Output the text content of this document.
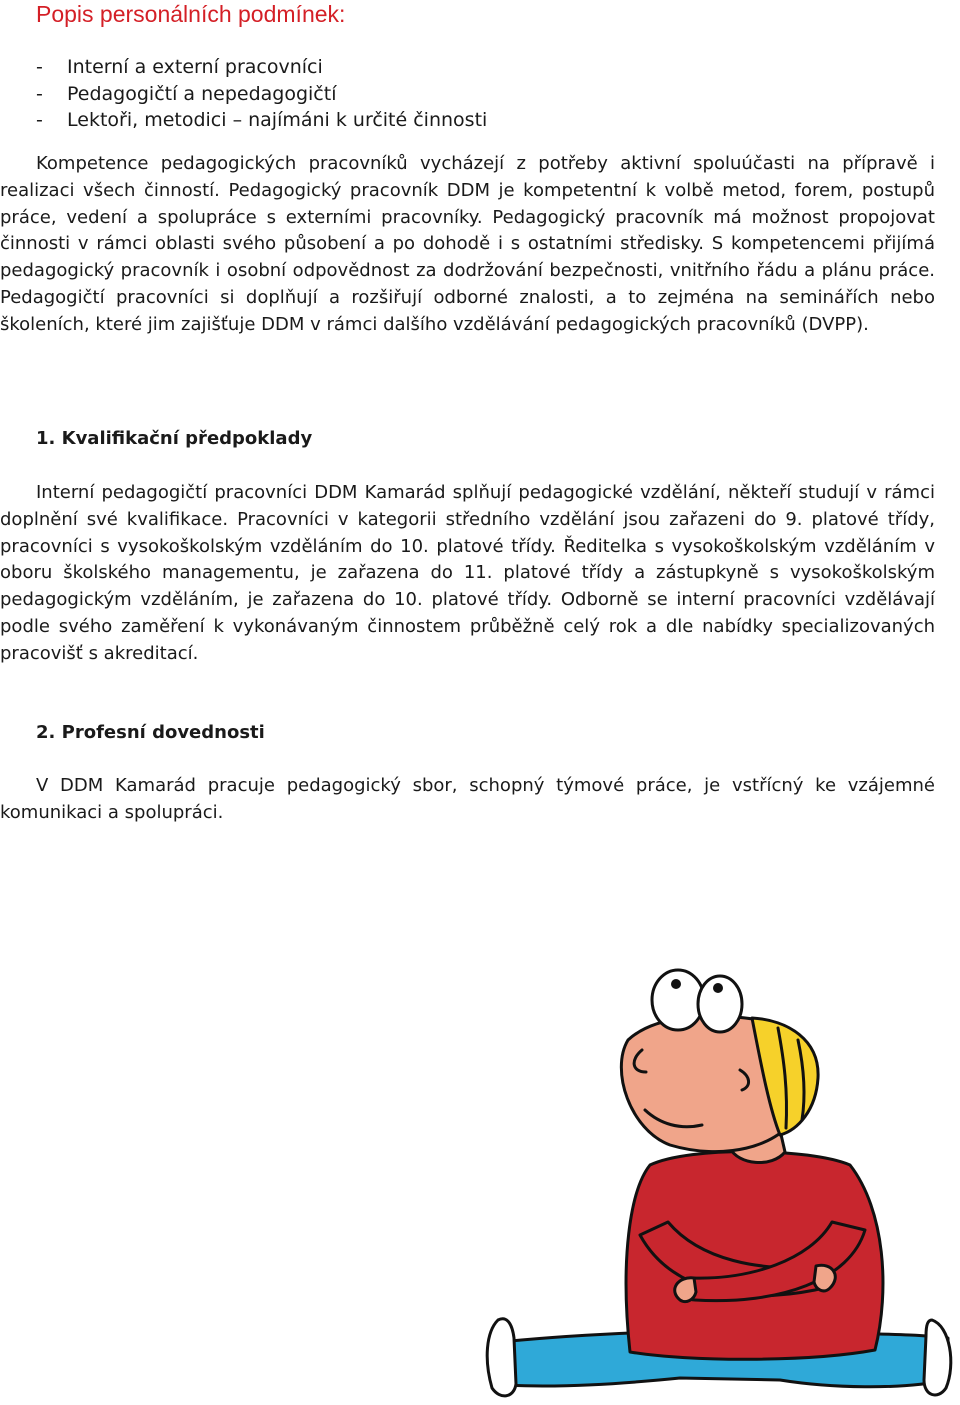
Popis personálních podmínek:
-	Interní a externí pracovníci
-	Pedagogičtí a nepedagogičtí
-	Lektoři, metodici – najímáni k určité činnosti

Kompetence pedagogických pracovníků vycházejí z potřeby aktivní spoluúčasti na přípravě i realizaci všech činností. Pedagogický pracovník DDM je kompetentní k volbě metod, forem, postupů práce, vedení a spolupráce s externími pracovníky. Pedagogický pracovník má možnost propojovat činnosti v rámci oblasti svého působení a po dohodě i s ostatními středisky. S kompetencemi přijímá pedagogický pracovník i osobní odpovědnost za dodržování bezpečnosti, vnitřního řádu a plánu práce. Pedagogičtí pracovníci si doplňují a rozšiřují odborné znalosti, a to zejména na seminářích nebo školeních, které jim zajišťuje DDM v rámci dalšího vzdělávání pedagogických pracovníků (DVPP).

1. Kvalifikační předpoklady

Interní pedagogičtí pracovníci DDM Kamarád splňují pedagogické vzdělání, někteří studují v rámci doplnění své kvalifikace. Pracovníci v kategorii středního vzdělání jsou zařazeni do 9. platové třídy, pracovníci s vysokoškolským vzděláním do 10. platové třídy. Ředitelka s vysokoškolským vzděláním v oboru školského managementu, je zařazena do 11. platové třídy a zástupkyně s vysokoškolským pedagogickým vzděláním, je zařazena do 10. platové třídy. Odborně se interní pracovníci vzdělávají podle svého zaměření k vykonávaným činnostem průběžně celý rok a dle nabídky specializovaných pracovišť s akreditací.

2. Profesní dovednosti

V DDM Kamarád pracuje pedagogický sbor, schopný týmové práce, je vstřícný ke vzájemné komunikaci a spolupráci.
